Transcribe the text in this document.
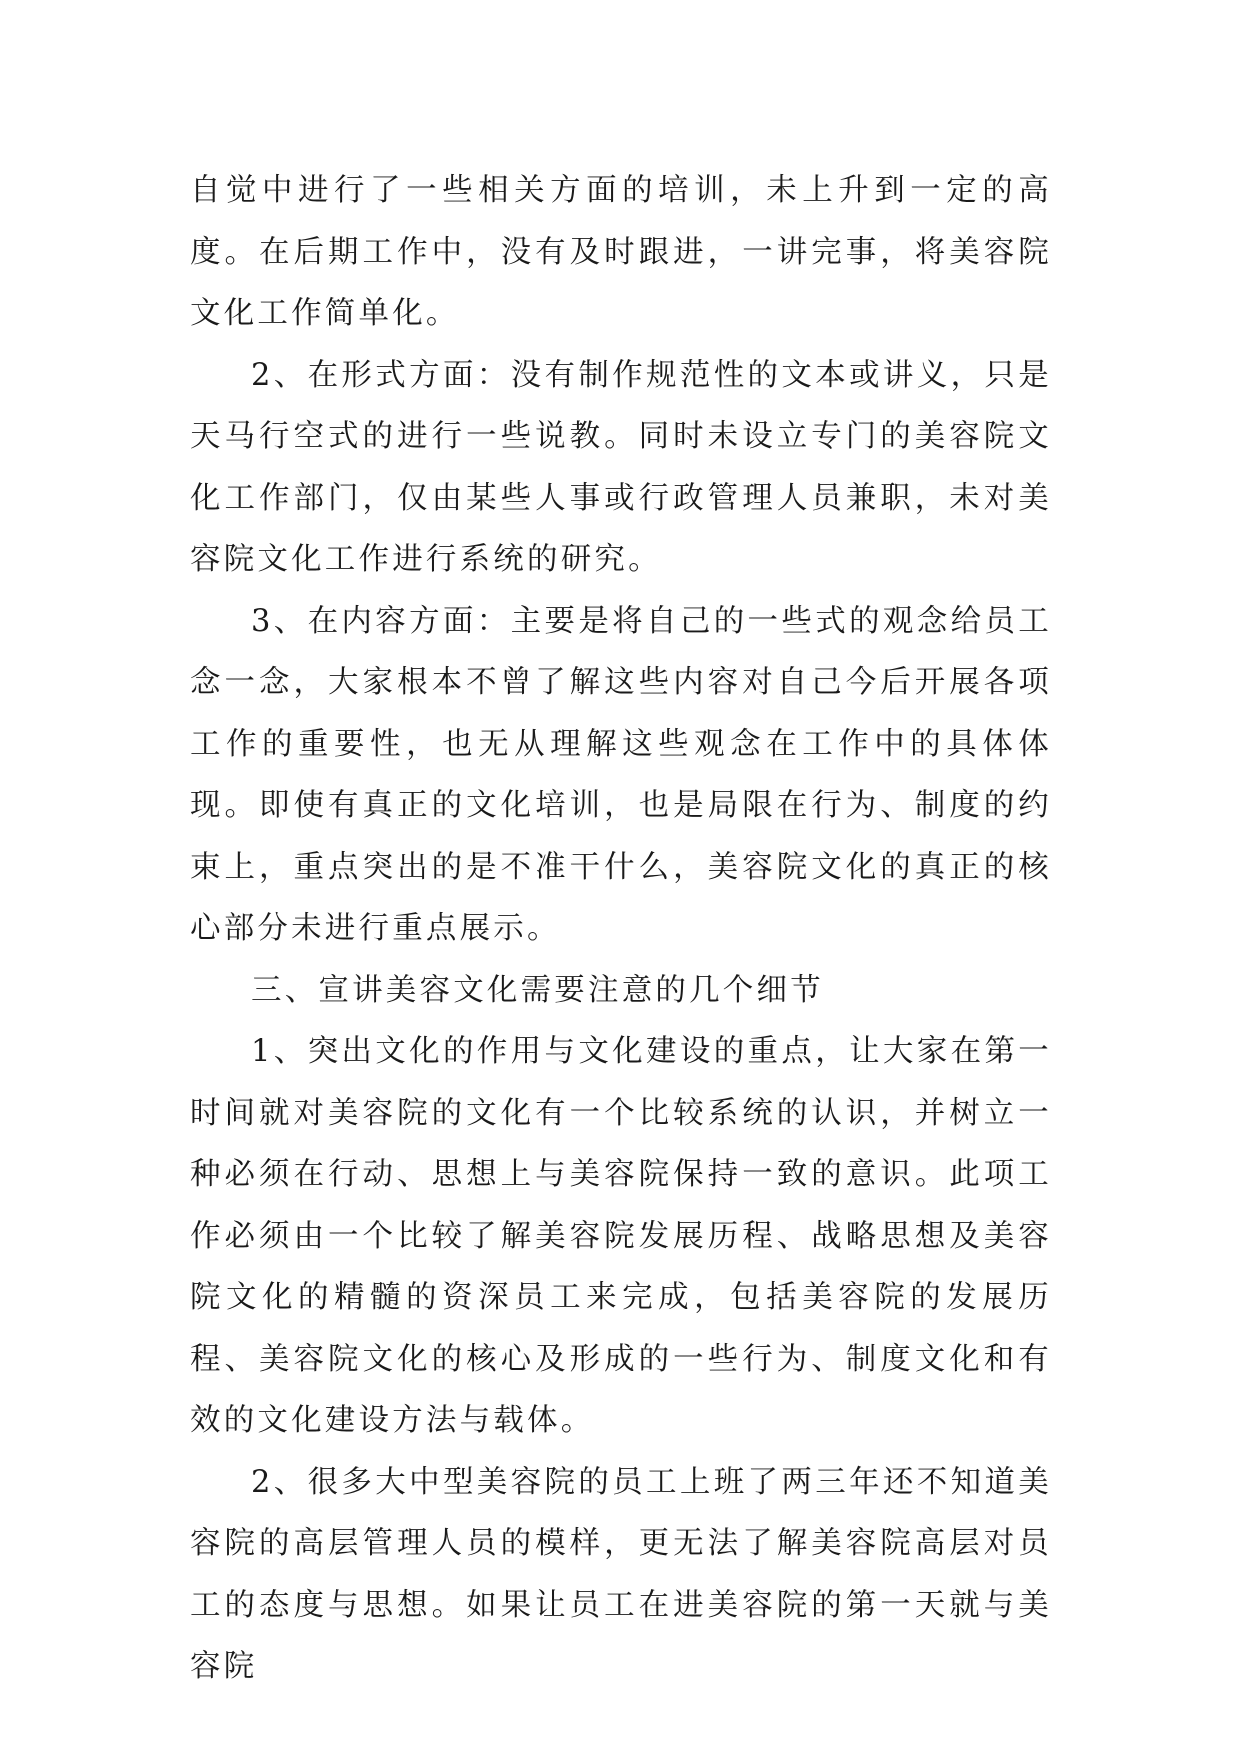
自觉中进行了一些相关方面的培训，未上升到一定的高度。在后期工作中，没有及时跟进，一讲完事，将美容院文化工作简单化。

2、在形式方面：没有制作规范性的文本或讲义，只是天马行空式的进行一些说教。同时未设立专门的美容院文化工作部门，仅由某些人事或行政管理人员兼职，未对美容院文化工作进行系统的研究。

3、在内容方面：主要是将自己的一些式的观念给员工念一念，大家根本不曾了解这些内容对自己今后开展各项工作的重要性，也无从理解这些观念在工作中的具体体现。即使有真正的文化培训，也是局限在行为、制度的约束上，重点突出的是不准干什么，美容院文化的真正的核心部分未进行重点展示。

三、宣讲美容文化需要注意的几个细节

1、突出文化的作用与文化建设的重点，让大家在第一时间就对美容院的文化有一个比较系统的认识，并树立一种必须在行动、思想上与美容院保持一致的意识。此项工作必须由一个比较了解美容院发展历程、战略思想及美容院文化的精髓的资深员工来完成，包括美容院的发展历程、美容院文化的核心及形成的一些行为、制度文化和有效的文化建设方法与载体。

2、很多大中型美容院的员工上班了两三年还不知道美容院的高层管理人员的模样，更无法了解美容院高层对员工的态度与思想。如果让员工在进美容院的第一天就与美容院
